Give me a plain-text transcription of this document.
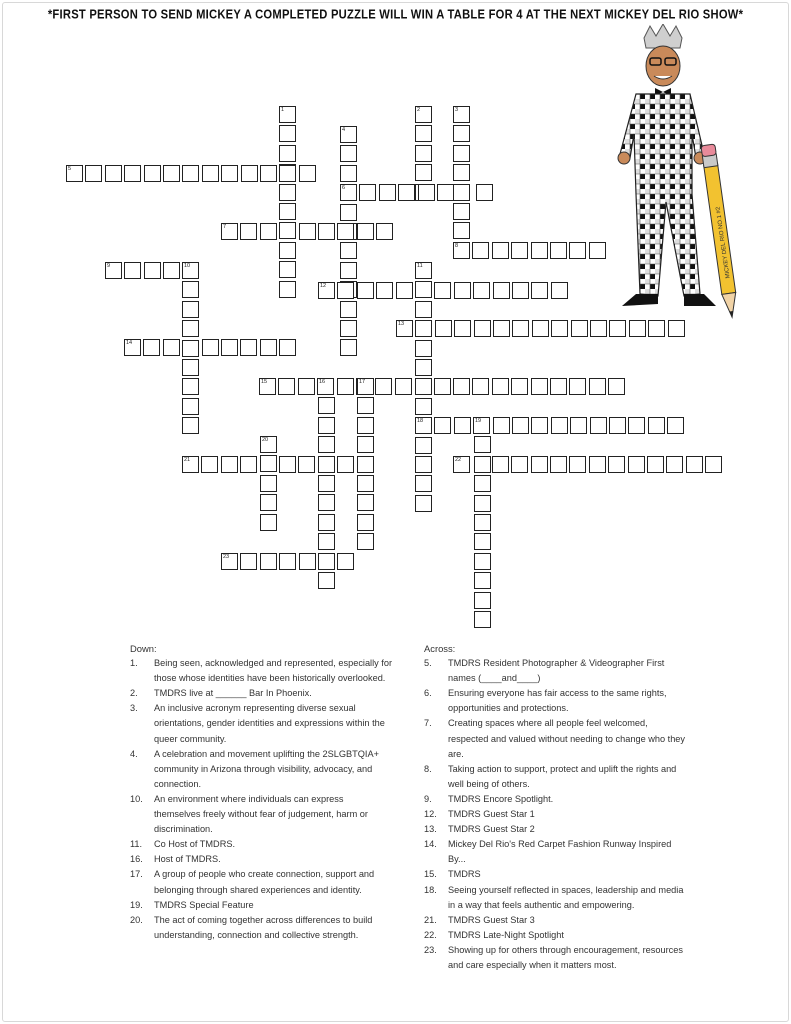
*FIRST PERSON TO SEND MICKEY A COMPLETED PUZZLE WILL WIN A TABLE FOR 4 AT THE NEXT MICKEY DEL RIO SHOW*
1	2	3
8
4
6
5
7
9	10	11
18
12
13
14
15	16	17
19
20
21	22
23
MICKEY DEL RIO NO.1 #2
Down:
1.	Being seen, acknowledged and represented, especially for those whose identities have been historically overlooked.
2.	TMDRS live at ______ Bar In Phoenix.
3.	An inclusive acronym representing diverse sexual orientations, gender identities and expressions within the queer community.
4.	A celebration and movement uplifting the 2SLGBTQIA+ community in Arizona through visibility, advocacy, and connection.
10.	An environment where individuals can express themselves freely without fear of judgement, harm or discrimination.
11.	Co Host of TMDRS.
16.	Host of TMDRS.
17.	A group of people who create connection, support and belonging through shared experiences and identity.
19.	TMDRS Special Feature
20.	The act of coming together across differences to build understanding, connection and collective strength.
Across:
5.	TMDRS Resident Photographer & Videographer First names (____and____)
6.	Ensuring everyone has fair access to the same rights, opportunities and protections.
7.	Creating spaces where all people feel welcomed, respected and valued without needing to change who they are.
8.	Taking action to support, protect and uplift the rights and well being of others.
9.	TMDRS Encore Spotlight.
12.	TMDRS Guest Star 1
13.	TMDRS Guest Star 2
14.	Mickey Del Rio's Red Carpet Fashion Runway Inspired By...
15.	TMDRS
18.	Seeing yourself reflected in spaces, leadership and media in a way that feels authentic and empowering.
21.	TMDRS Guest Star 3
22.	TMDRS Late-Night Spotlight
23.	Showing up for others through encouragement, resources and care especially when it matters most.
